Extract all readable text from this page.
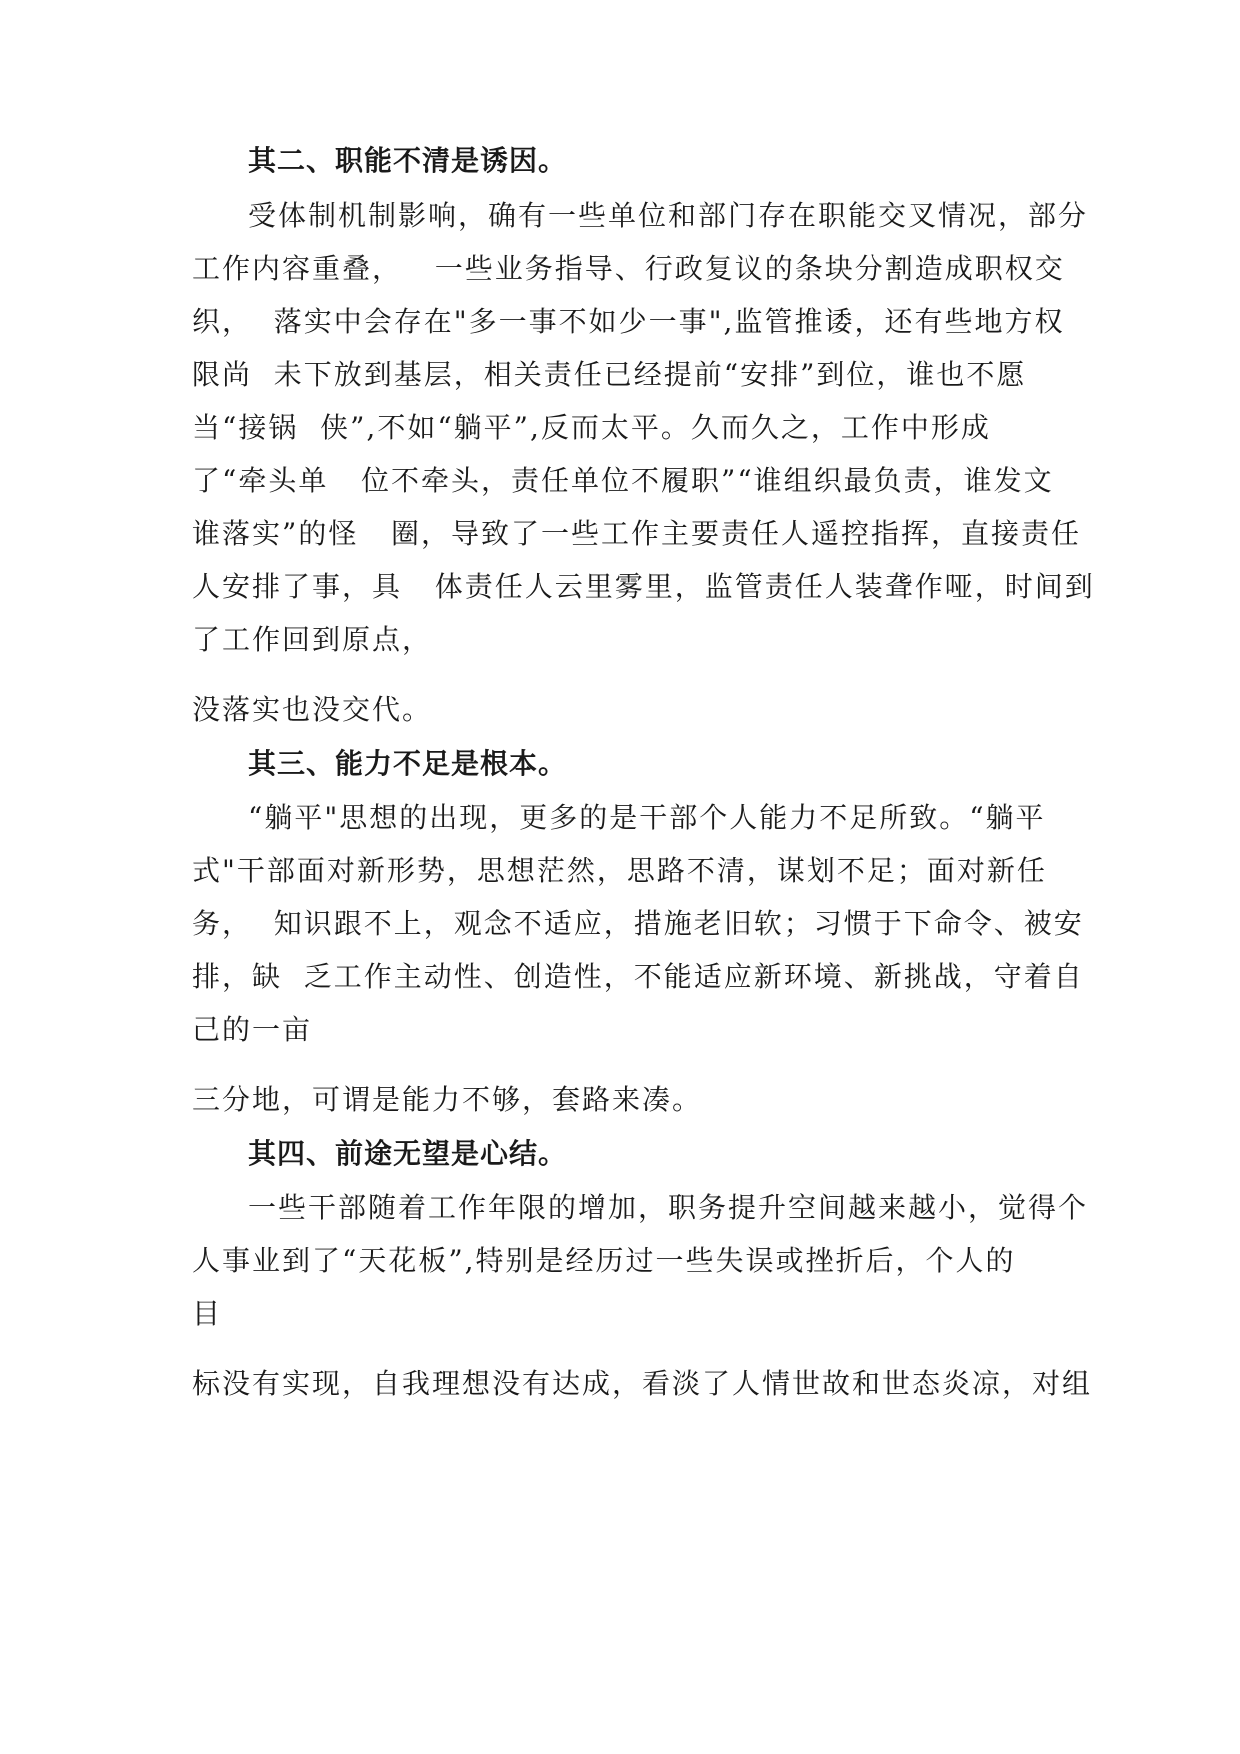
其二、职能不清是诱因。
受体制机制影响，确有一些单位和部门存在职能交叉情况，部分
工作内容重叠，   一些业务指导、行政复议的条块分割造成职权交
织，  落实中会存在"多一事不如少一事",监管推诿，还有些地方权
限尚  未下放到基层，相关责任已经提前“安排”到位，谁也不愿
当“接锅  侠”,不如“躺平”,反而太平。久而久之，工作中形成
了“牵头单   位不牵头，责任单位不履职”“谁组织最负责，谁发文
谁落实”的怪   圈，导致了一些工作主要责任人遥控指挥，直接责任
人安排了事，具   体责任人云里雾里，监管责任人装聋作哑，时间到
了工作回到原点，
没落实也没交代。
其三、能力不足是根本。
“躺平"思想的出现，更多的是干部个人能力不足所致。“躺平
式"干部面对新形势，思想茫然，思路不清，谋划不足；面对新任
务，  知识跟不上，观念不适应，措施老旧软；习惯于下命令、被安
排，缺  乏工作主动性、创造性，不能适应新环境、新挑战，守着自
己的一亩
三分地，可谓是能力不够，套路来凑。
其四、前途无望是心结。
一些干部随着工作年限的增加，职务提升空间越来越小，觉得个
人事业到了“天花板”,特别是经历过一些失误或挫折后，个人的
目
标没有实现，自我理想没有达成，看淡了人情世故和世态炎凉，对组
